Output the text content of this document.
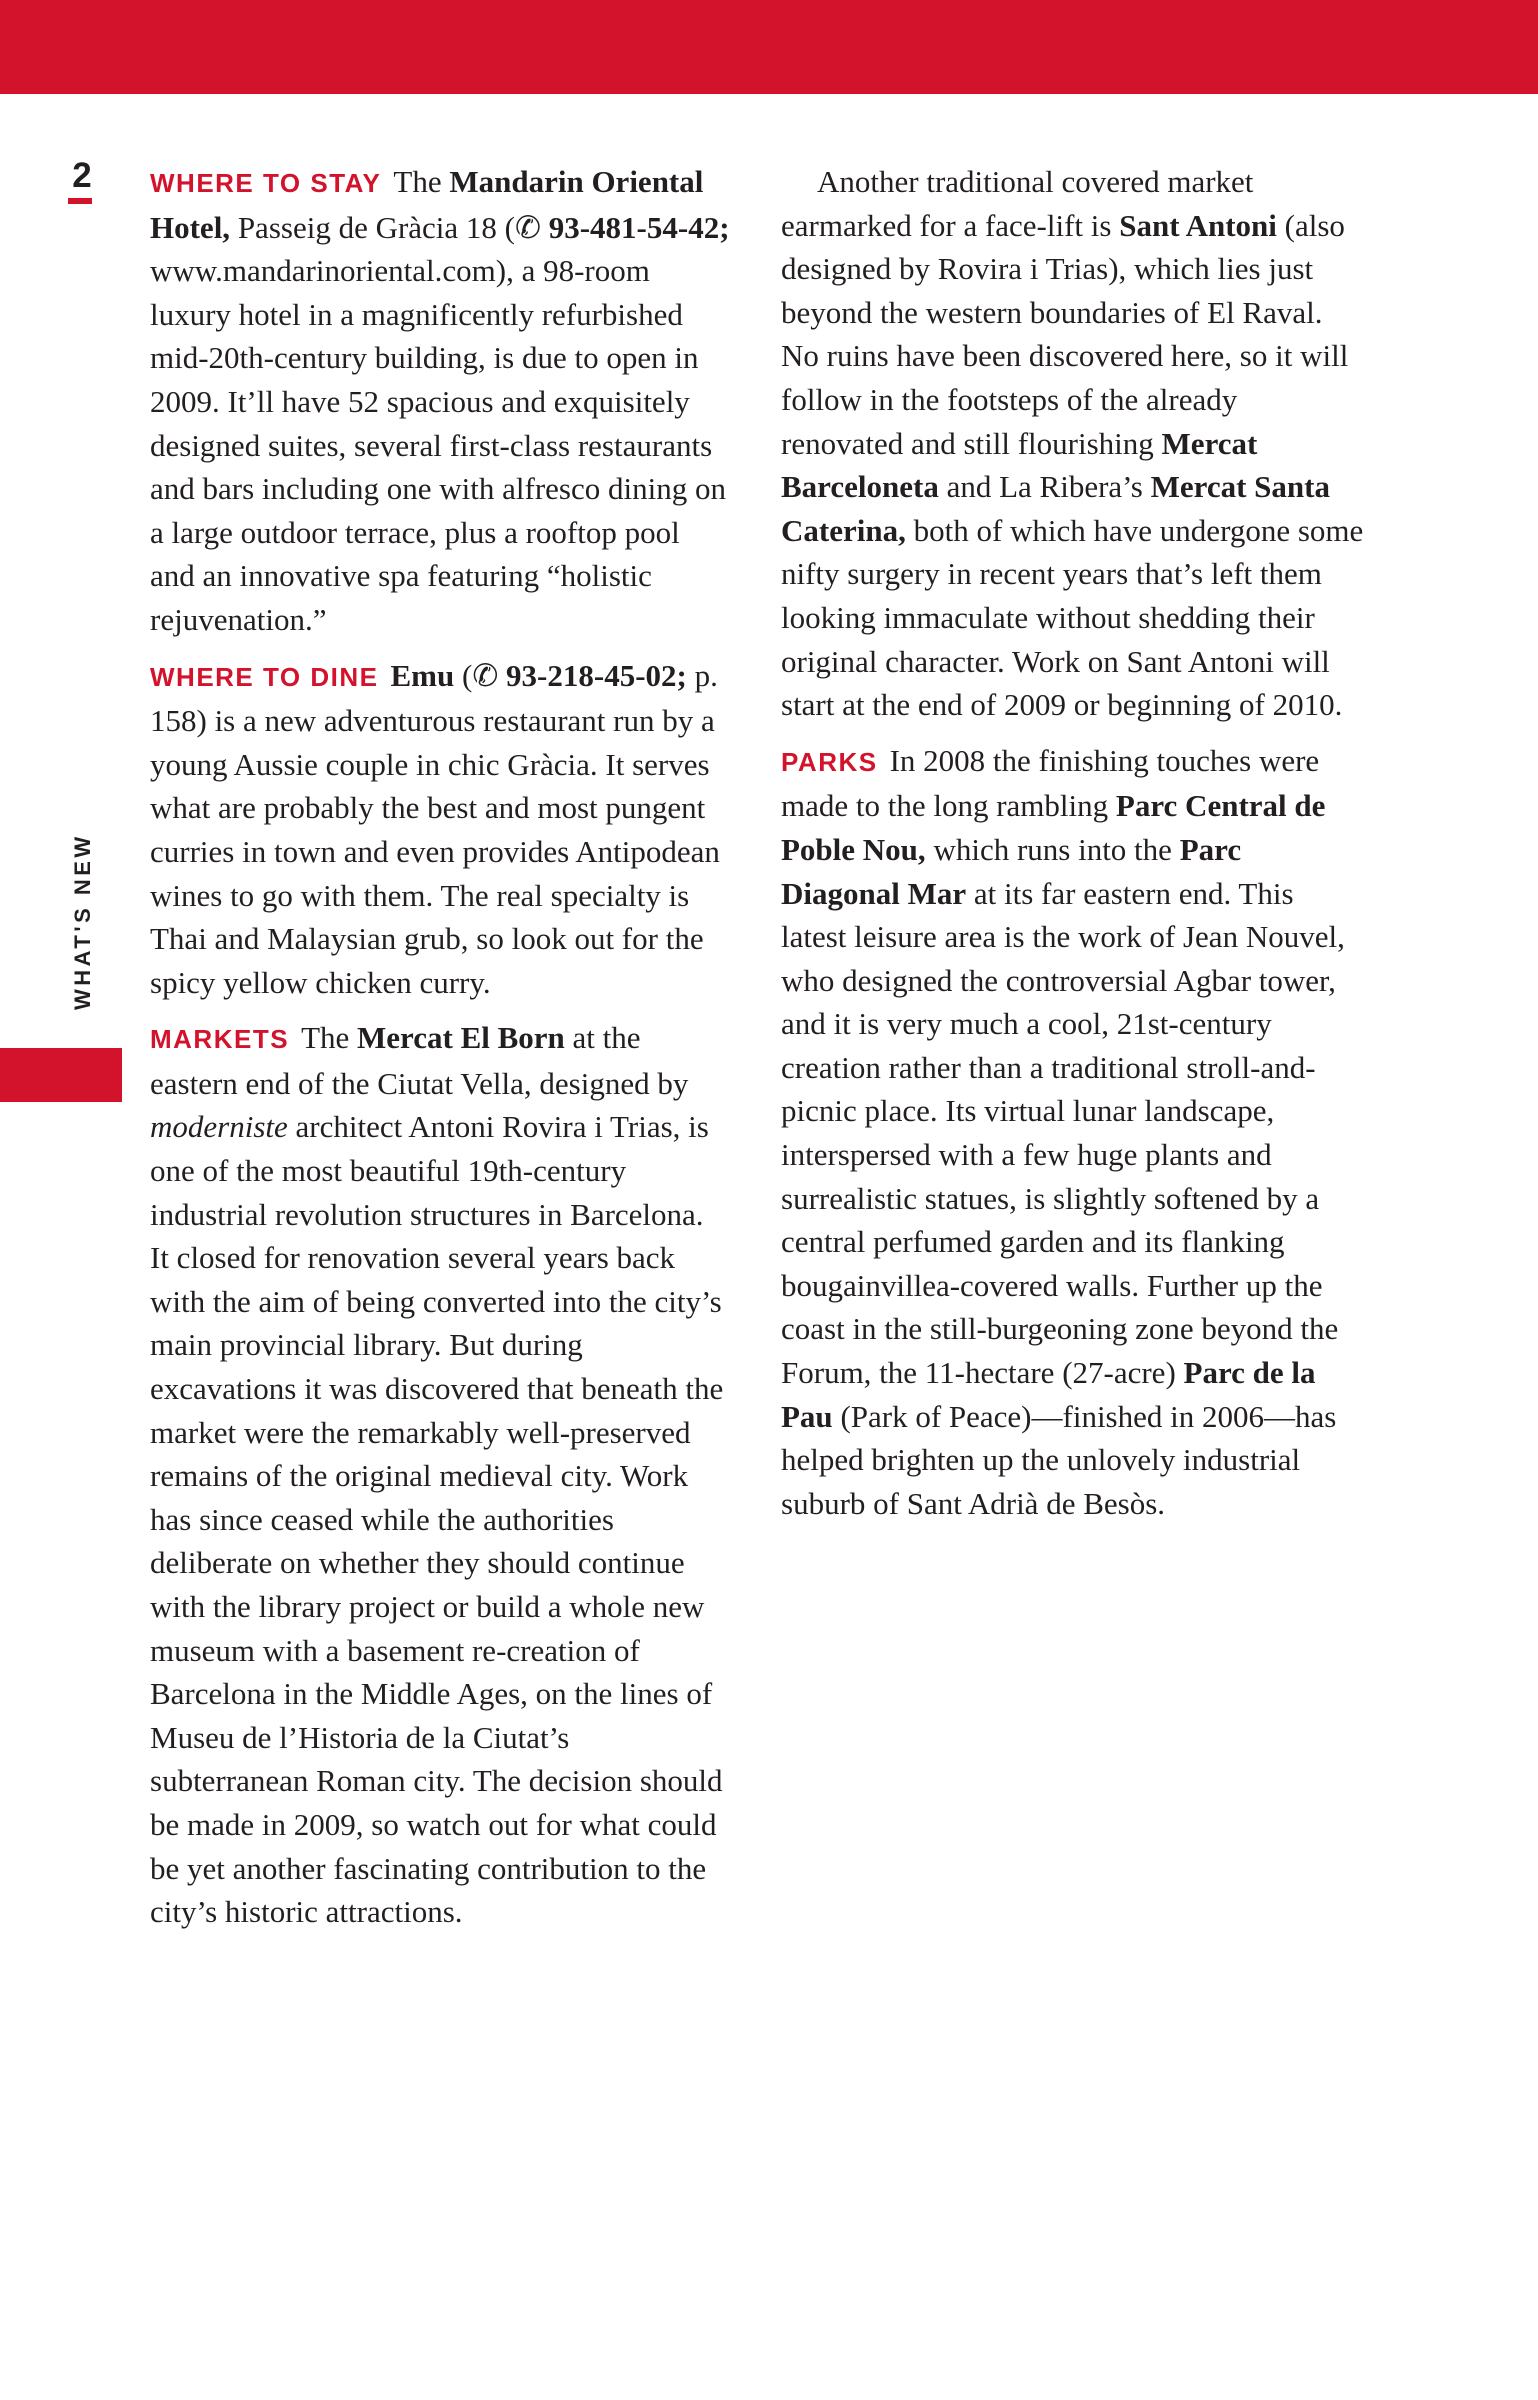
2
WHAT'S NEW

WHERE TO STAY The Mandarin Oriental Hotel, Passeig de Gràcia 18 (✆ 93-481-54-42; www.mandarinoriental.com), a 98-room luxury hotel in a magnificently refurbished mid-20th-century building, is due to open in 2009. It’ll have 52 spacious and exquisitely designed suites, several first-class restaurants and bars including one with alfresco dining on a large outdoor terrace, plus a rooftop pool and an innovative spa featuring “holistic rejuvenation.”

WHERE TO DINE Emu (✆ 93-218-45-02; p. 158) is a new adventurous restaurant run by a young Aussie couple in chic Gràcia. It serves what are probably the best and most pungent curries in town and even provides Antipodean wines to go with them. The real specialty is Thai and Malaysian grub, so look out for the spicy yellow chicken curry.

MARKETS The Mercat El Born at the eastern end of the Ciutat Vella, designed by moderniste architect Antoni Rovira i Trias, is one of the most beautiful 19th-century industrial revolution structures in Barcelona. It closed for renovation several years back with the aim of being converted into the city’s main provincial library. But during excavations it was discovered that beneath the market were the remarkably well-preserved remains of the original medieval city. Work has since ceased while the authorities deliberate on whether they should continue with the library project or build a whole new museum with a basement re-creation of Barcelona in the Middle Ages, on the lines of Museu de l’Historia de la Ciutat’s subterranean Roman city. The decision should be made in 2009, so watch out for what could be yet another fascinating contribution to the city’s historic attractions.

Another traditional covered market earmarked for a face-lift is Sant Antoni (also designed by Rovira i Trias), which lies just beyond the western boundaries of El Raval. No ruins have been discovered here, so it will follow in the footsteps of the already renovated and still flourishing Mercat Barceloneta and La Ribera’s Mercat Santa Caterina, both of which have undergone some nifty surgery in recent years that’s left them looking immaculate without shedding their original character. Work on Sant Antoni will start at the end of 2009 or beginning of 2010.

PARKS In 2008 the finishing touches were made to the long rambling Parc Central de Poble Nou, which runs into the Parc Diagonal Mar at its far eastern end. This latest leisure area is the work of Jean Nouvel, who designed the controversial Agbar tower, and it is very much a cool, 21st-century creation rather than a traditional stroll-and-picnic place. Its virtual lunar landscape, interspersed with a few huge plants and surrealistic statues, is slightly softened by a central perfumed garden and its flanking bougainvillea-covered walls. Further up the coast in the still-burgeoning zone beyond the Forum, the 11-hectare (27-acre) Parc de la Pau (Park of Peace)—finished in 2006—has helped brighten up the unlovely industrial suburb of Sant Adrià de Besòs.
